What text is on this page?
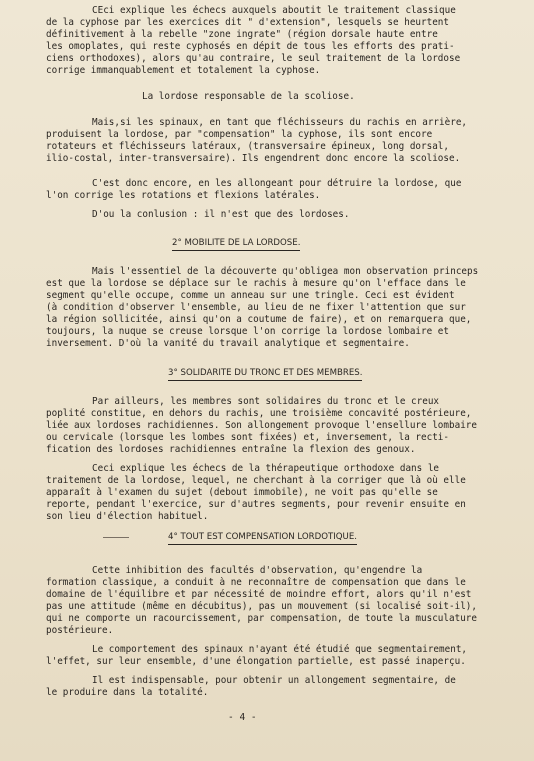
CEci explique les échecs auxquels aboutit le traitement classique

de la cyphose par les exercices dit " d'extension", lesquels se heurtent

définitivement à la rebelle "zone ingrate" (région dorsale haute entre

les omoplates, qui reste cyphosés en dépit de tous les efforts des prati-

ciens orthodoxes), alors qu'au contraire, le seul traitement de la lordose

corrige immanquablement et totalement la cyphose.

La lordose responsable de la scoliose.

Mais,si les spinaux, en tant que fléchisseurs du rachis en arrière,

produisent la lordose, par "compensation" la cyphose, ils sont encore

rotateurs et fléchisseurs latéraux, (transversaire épineux, long dorsal,

ilio-costal, inter-transversaire). Ils engendrent donc encore la scoliose.

C'est donc encore, en les allongeant pour détruire la lordose, que

l'on corrige les rotations et flexions latérales.

D'ou la conlusion : il n'est que des lordoses.

2° MOBILITE DE LA LORDOSE.

Mais l'essentiel de la découverte qu'obligea mon observation princeps

est que la lordose se déplace sur le rachis à mesure qu'on l'efface dans le

segment qu'elle occupe, comme un anneau sur une tringle. Ceci est évident

(à condition d'observer l'ensemble, au lieu de ne fixer l'attention que sur

la région sollicitée, ainsi qu'on a coutume de faire), et on remarquera que,

toujours, la nuque se creuse lorsque l'on corrige la lordose lombaire et

inversement. D'où la vanité du travail analytique et segmentaire.

3° SOLIDARITE DU TRONC ET DES MEMBRES.

Par ailleurs, les membres sont solidaires du tronc et le creux

poplité constitue, en dehors du rachis, une troisième concavité postérieure,

liée aux lordoses rachidiennes. Son allongement provoque l'ensellure lombaire

ou cervicale (lorsque les lombes sont fixées) et, inversement, la recti-

fication des lordoses rachidiennes entraîne la flexion des genoux.

Ceci explique les échecs de la thérapeutique orthodoxe dans le

traitement de la lordose, lequel, ne cherchant à la corriger que là où elle

apparaît à l'examen du sujet (debout immobile), ne voit pas qu'elle se

reporte, pendant l'exercice, sur d'autres segments, pour revenir ensuite en

son lieu d'élection habituel.

4° TOUT EST COMPENSATION LORDOTIQUE.

Cette inhibition des facultés d'observation, qu'engendre la

formation classique, a conduit à ne reconnaître de compensation que dans le

domaine de l'équilibre et par nécessité de moindre effort, alors qu'il n'est

pas une attitude (même en décubitus), pas un mouvement (si localisé soit-il),

qui ne comporte un racourcissement, par compensation, de toute la musculature

postérieure.

Le comportement des spinaux n'ayant été étudié que segmentairement,

l'effet, sur leur ensemble, d'une élongation partielle, est passé inaperçu.

Il est indispensable, pour obtenir un allongement segmentaire, de

le produire dans la totalité.

- 4 -
